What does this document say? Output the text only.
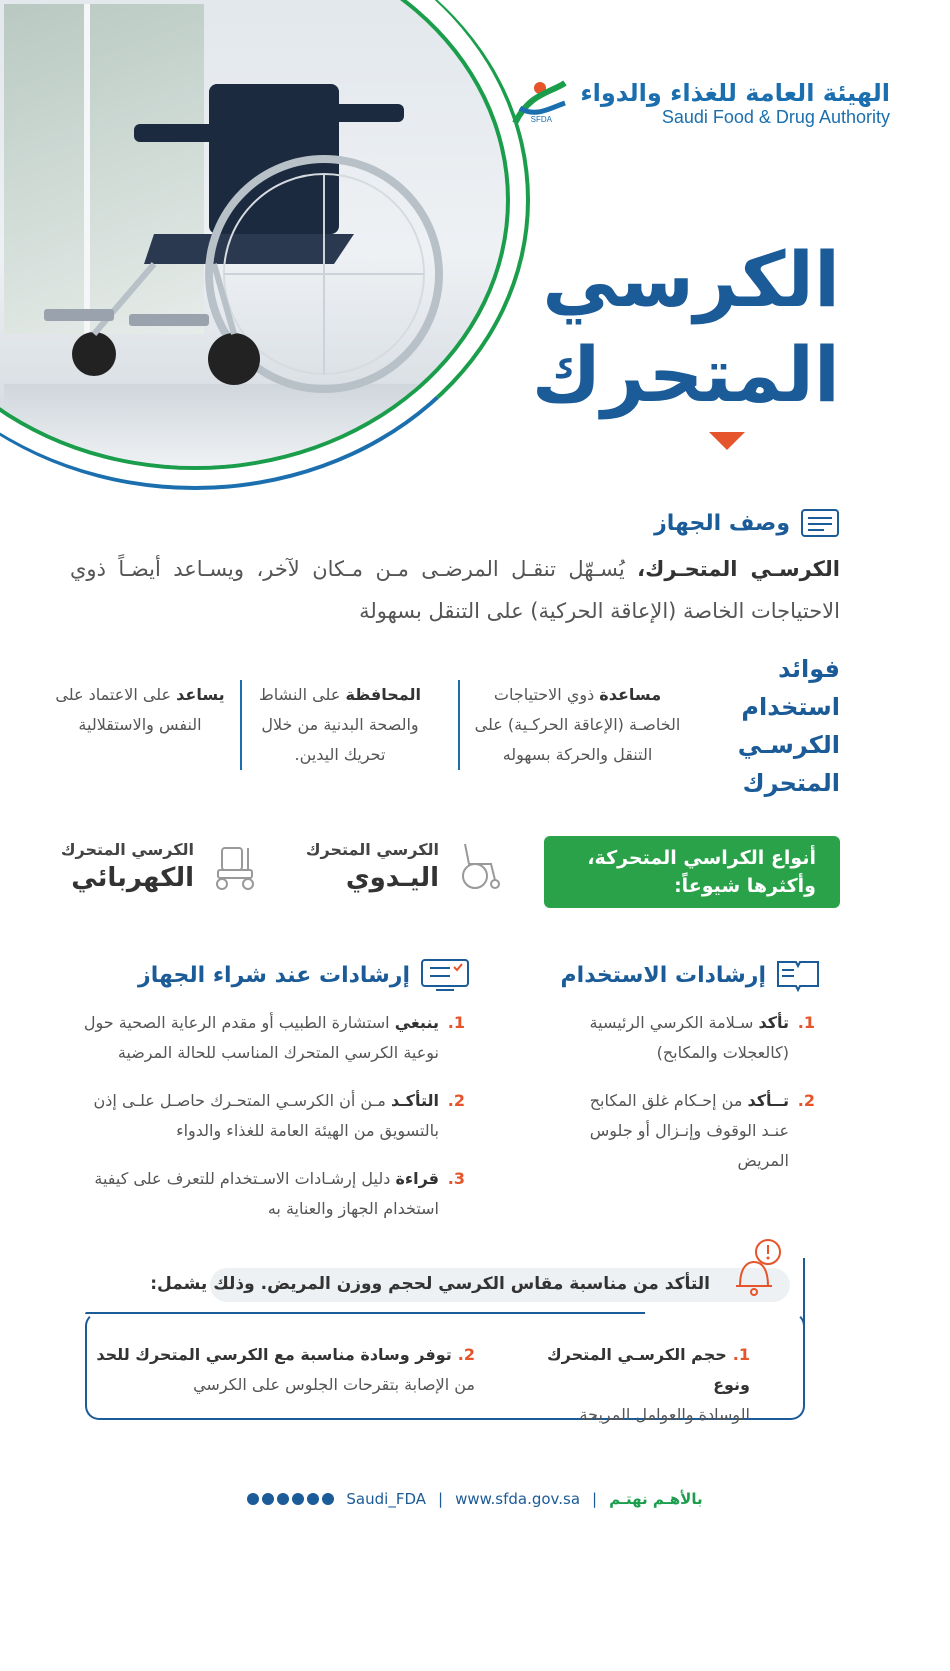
الهيئة العامة للغذاء والدواء
Saudi Food & Drug Authority
SFDA
الكرسي
المتحرك
وصف الجهاز

الكرسـي المتحـرك، يُسـهّل تنقـل المرضـى مـن مـكان لآخر، ويسـاعد أيضـاً ذوي الاحتياجات الخاصة (الإعاقة الحركية) على التنقل بسهولة

فوائد استخدام الكرسـي المتحرك
مساعدة ذوي الاحتياجات الخاصـة (الإعاقة الحركـية) على التنقل والحركة بسهوله
المحافظة على النشاط والصحة البدنية من خلال تحريك اليدين.
يساعد على الاعتماد على النفس والاستقلالية
أنواع الكراسي المتحركة،
وأكثرها شيوعاً:
الكرسي المتحرك
اليـدوي
الكرسي المتحرك
الكهربائي
إرشادات الاستخدام
1.
تأكد سـلامة الكرسي الرئيسية (كالعجلات والمكابح)
2.
تــأكد من إحـكام غلق المكابح عنـد الوقوف وإنـزال أو جلوس المريض
إرشادات عند شراء الجهاز
1.
ينبغي استشارة الطبيب أو مقدم الرعاية الصحية حول نوعية الكرسي المتحرك المناسب للحالة المرضية
2.
التأكـد مـن أن الكرسـي المتحـرك حاصـل علـى إذن بالتسويق من الهيئة العامة للغذاء والدواء
3.
قراءة دليل إرشـادات الاسـتخدام للتعرف على كيفية استخدام الجهاز والعناية به
التأكد من مناسبة مقاس الكرسي لحجم ووزن المريض. وذلك يشمل:
1.حجم الكرسـي المتحرك ونوع
الوسادة والعوامل المريحة
2.توفر وسادة مناسبة مع الكرسي المتحرك للحد
من الإصابة بتقرحات الجلوس على الكرسي
بالأهـم نهتـم
|
www.sfda.gov.sa
|
Saudi_FDA
